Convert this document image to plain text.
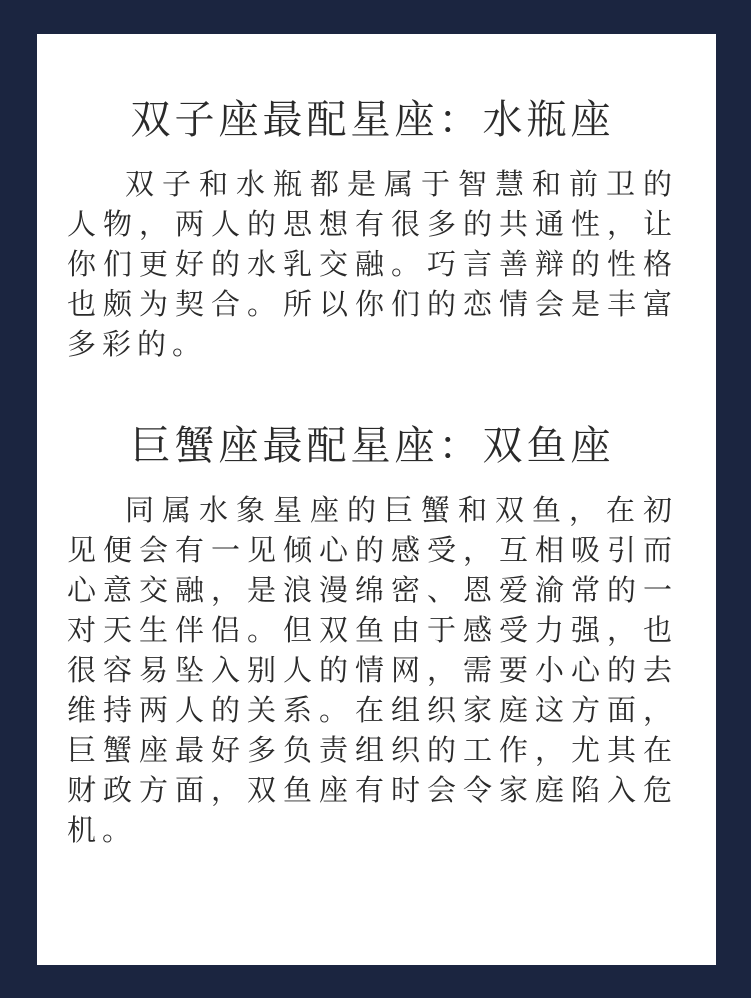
双子座最配星座：水瓶座

双子和水瓶都是属于智慧和前卫的人物，两人的思想有很多的共通性，让你们更好的水乳交融。巧言善辩的性格也颇为契合。所以你们的恋情会是丰富多彩的。

巨蟹座最配星座：双鱼座

同属水象星座的巨蟹和双鱼，在初见便会有一见倾心的感受，互相吸引而心意交融，是浪漫绵密、恩爱渝常的一对天生伴侣。但双鱼由于感受力强，也很容易坠入别人的情网，需要小心的去维持两人的关系。在组织家庭这方面，巨蟹座最好多负责组织的工作，尤其在财政方面，双鱼座有时会令家庭陷入危机。
